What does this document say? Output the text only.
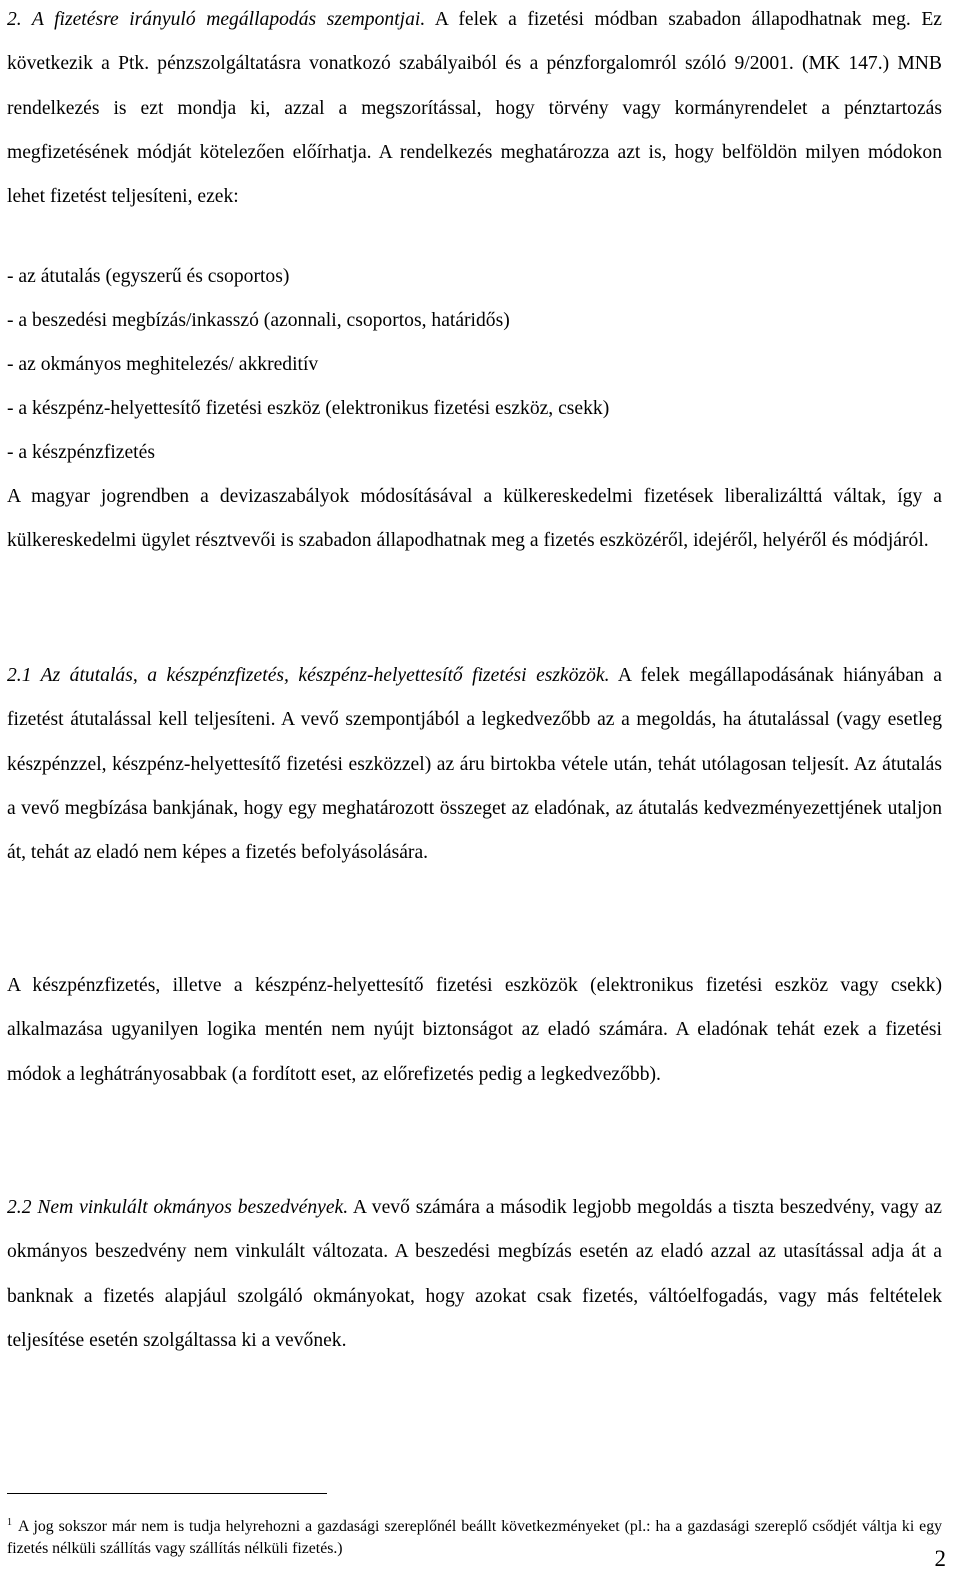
2. A fizetésre irányuló megállapodás szempontjai. A felek a fizetési módban szabadon állapodhatnak meg. Ez következik a Ptk. pénzszolgáltatásra vonatkozó szabályaiból és a pénzforgalomról szóló 9/2001. (MK 147.) MNB rendelkezés is ezt mondja ki, azzal a megszorítással, hogy törvény vagy kormányrendelet a pénztartozás megfizetésének módját kötelezően előírhatja. A rendelkezés meghatározza azt is, hogy belföldön milyen módokon lehet fizetést teljesíteni, ezek:

- az átutalás (egyszerű és csoportos)
- a beszedési megbízás/inkasszó (azonnali, csoportos, határidős)
- az okmányos meghitelezés/ akkreditív
- a készpénz-helyettesítő fizetési eszköz (elektronikus fizetési eszköz, csekk)
- a készpénzfizetés

A magyar jogrendben a devizaszabályok módosításával a külkereskedelmi fizetések liberalizálttá váltak, így a külkereskedelmi ügylet résztvevői is szabadon állapodhatnak meg a fizetés eszközéről, idejéről, helyéről és módjáról.

2.1 Az átutalás, a készpénzfizetés, készpénz-helyettesítő fizetési eszközök. A felek megállapodásának hiányában a fizetést átutalással kell teljesíteni. A vevő szempontjából a legkedvezőbb az a megoldás, ha átutalással (vagy esetleg készpénzzel, készpénz-helyettesítő fizetési eszközzel) az áru birtokba vétele után, tehát utólagosan teljesít. Az átutalás a vevő megbízása bankjának, hogy egy meghatározott összeget az eladónak, az átutalás kedvezményezettjének utaljon át, tehát az eladó nem képes a fizetés befolyásolására.

A készpénzfizetés, illetve a készpénz-helyettesítő fizetési eszközök (elektronikus fizetési eszköz vagy csekk) alkalmazása ugyanilyen logika mentén nem nyújt biztonságot az eladó számára. A eladónak tehát ezek a fizetési módok a leghátrányosabbak (a fordított eset, az előrefizetés pedig a legkedvezőbb).

2.2 Nem vinkulált okmányos beszedvények. A vevő számára a második legjobb megoldás a tiszta beszedvény, vagy az okmányos beszedvény nem vinkulált változata. A beszedési megbízás esetén az eladó azzal az utasítással adja át a banknak a fizetés alapjául szolgáló okmányokat, hogy azokat csak fizetés, váltóelfogadás, vagy más feltételek teljesítése esetén szolgáltassa ki a vevőnek.

$^1$ A jog sokszor már nem is tudja helyrehozni a gazdasági szereplőnél beállt következményeket (pl.: ha a gazdasági szereplő csődjét váltja ki egy fizetés nélküli szállítás vagy szállítás nélküli fizetés.)	2
